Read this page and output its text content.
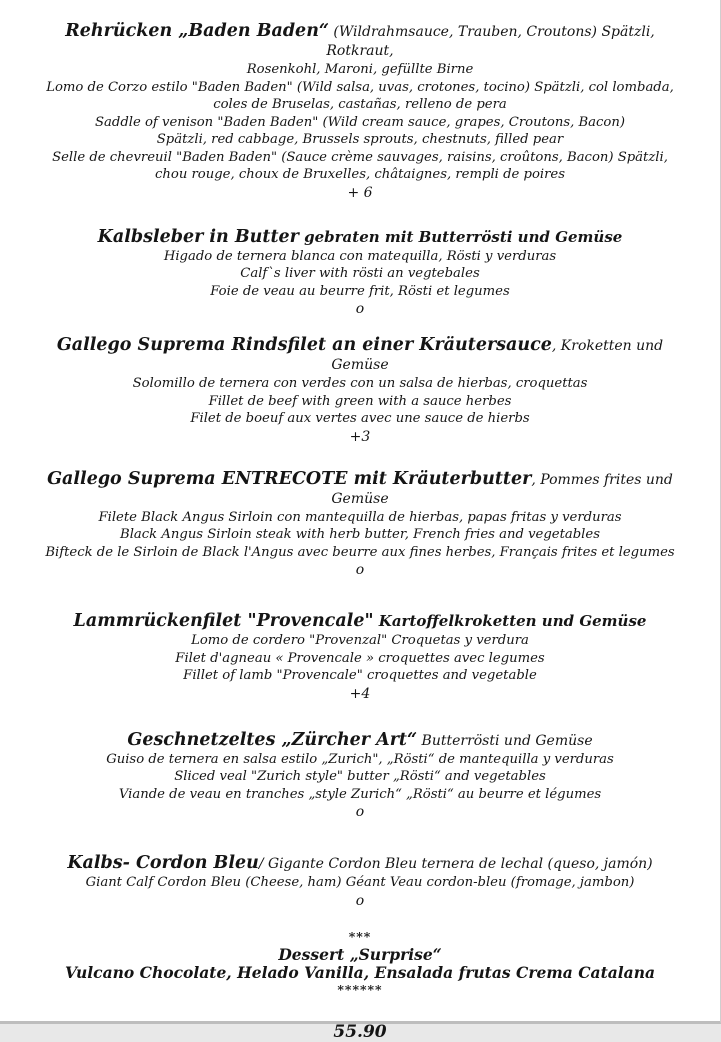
Rehrücken „Baden Baden“ (Wildrahmsauce, Trauben, Croutons) Spätzli, Rotkraut,
Rosenkohl, Maroni, gefüllte Birne
Lomo de Corzo estilo "Baden Baden" (Wild salsa, uvas, crotones, tocino) Spätzli, col lombada,
coles de Bruselas, castañas, relleno de pera
Saddle of venison "Baden Baden" (Wild cream sauce, grapes, Croutons, Bacon)
Spätzli, red cabbage, Brussels sprouts, chestnuts, filled pear
Selle de chevreuil "Baden Baden" (Sauce crème sauvages, raisins, croûtons, Bacon) Spätzli,
chou rouge, choux de Bruxelles, châtaignes, rempli de poires
+ 6
Kalbsleber in Butter gebraten mit Butterrösti und Gemüse
Higado de ternera blanca con matequilla, Rösti y verduras
Calf`s liver with rösti an vegtebales
Foie de veau au beurre frit, Rösti et legumes
o
Gallego Suprema Rindsfilet an einer Kräutersauce, Kroketten und Gemüse
Solomillo de ternera con verdes con un salsa de hierbas, croquettas
Fillet de beef with green with a sauce herbes
Filet de boeuf aux vertes avec une sauce de hierbs
+3
Gallego Suprema ENTRECOTE mit Kräuterbutter, Pommes frites und Gemüse
Filete Black Angus Sirloin con mantequilla de hierbas, papas fritas y verduras
Black Angus Sirloin steak with herb butter, French fries and vegetables
Bifteck de le Sirloin de Black l'Angus avec beurre aux fines herbes, Français frites et legumes
o
Lammrückenfilet "Provencale" Kartoffelkroketten und Gemüse
Lomo de cordero "Provenzal" Croquetas y verdura
Filet d'agneau « Provencale » croquettes avec legumes
Fillet of lamb "Provencale" croquettes and vegetable
+4
Geschnetzeltes „Zürcher Art“ Butterrösti und Gemüse
Guiso de ternera en salsa estilo „Zurich", „Rösti“ de mantequilla y verduras
Sliced veal "Zurich style" butter „Rösti“ and vegetables
Viande de veau en tranches „style Zurich“ „Rösti“ au beurre et légumes
o
Kalbs- Cordon Bleu/ Gigante Cordon Bleu ternera de lechal (queso, jamón)
Giant Calf Cordon Bleu (Cheese, ham) Géant Veau cordon-bleu (fromage, jambon)
o
***
Dessert „Surprise“
Vulcano Chocolate, Helado Vanilla, Ensalada frutas Crema Catalana
******
55.90
